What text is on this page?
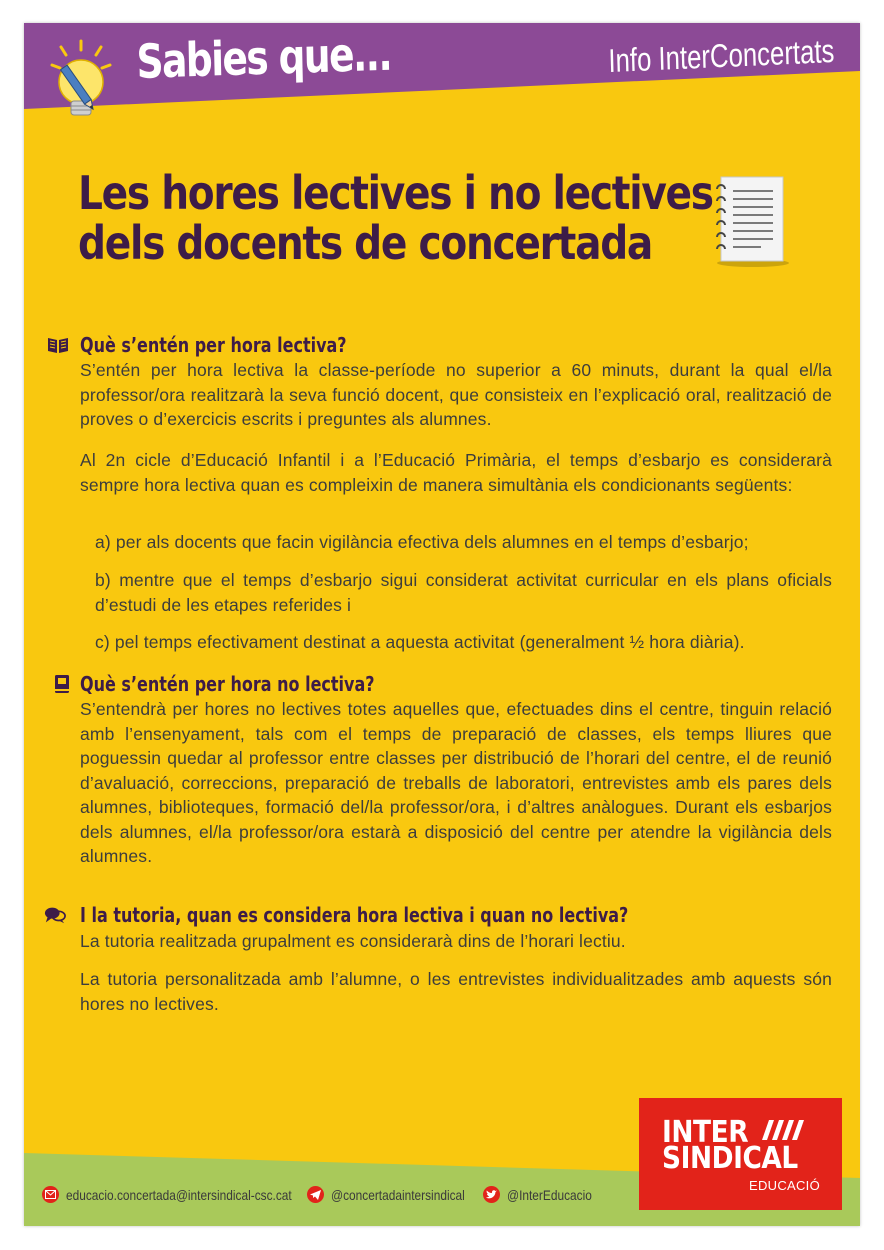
Sabies que...	Info InterConcertats
Les hores lectives i no lectives
dels docents de concertada
Què s’entén per hora lectiva?
S’entén per hora lectiva la classe-període no superior a 60 minuts, durant la qual el/la professor/ora realitzarà la seva funció docent, que consisteix en l’explicació oral, realització de proves o d’exercicis escrits i preguntes als alumnes.
Al 2n cicle d’Educació Infantil i a l’Educació Primària, el temps d’esbarjo es considerarà sempre hora lectiva quan es compleixin de manera simultània els condicionants següents:
a) per als docents que facin vigilància efectiva dels alumnes en el temps d’esbarjo;
b) mentre que el temps d’esbarjo sigui considerat activitat curricular en els plans oficials d’estudi de les etapes referides i
c) pel temps efectivament destinat a aquesta activitat (generalment ½ hora diària).
Què s’entén per hora no lectiva?
S’entendrà per hores no lectives totes aquelles que, efectuades dins el centre, tinguin relació amb l’ensenyament, tals com el temps de preparació de classes, els temps lliures que poguessin quedar al professor entre classes per distribució de l’horari del centre, el de reunió d’avaluació, correccions, preparació de treballs de laboratori, entrevistes amb els pares dels alumnes, biblioteques, formació del/la professor/ora, i d’altres anàlogues. Durant els esbarjos dels alumnes, el/la professor/ora estarà a disposició del centre per atendre la vigilància dels alumnes.
I la tutoria, quan es considera hora lectiva i quan no lectiva?
La tutoria realitzada grupalment es considerarà dins de l’horari lectiu.
La tutoria personalitzada amb l’alumne, o les entrevistes individualitzades amb aquests són hores no lectives.
educacio.concertada@intersindical-csc.cat	@concertadaintersindical	@InterEducacio
INTER
SINDICAL
EDUCACIÓ
